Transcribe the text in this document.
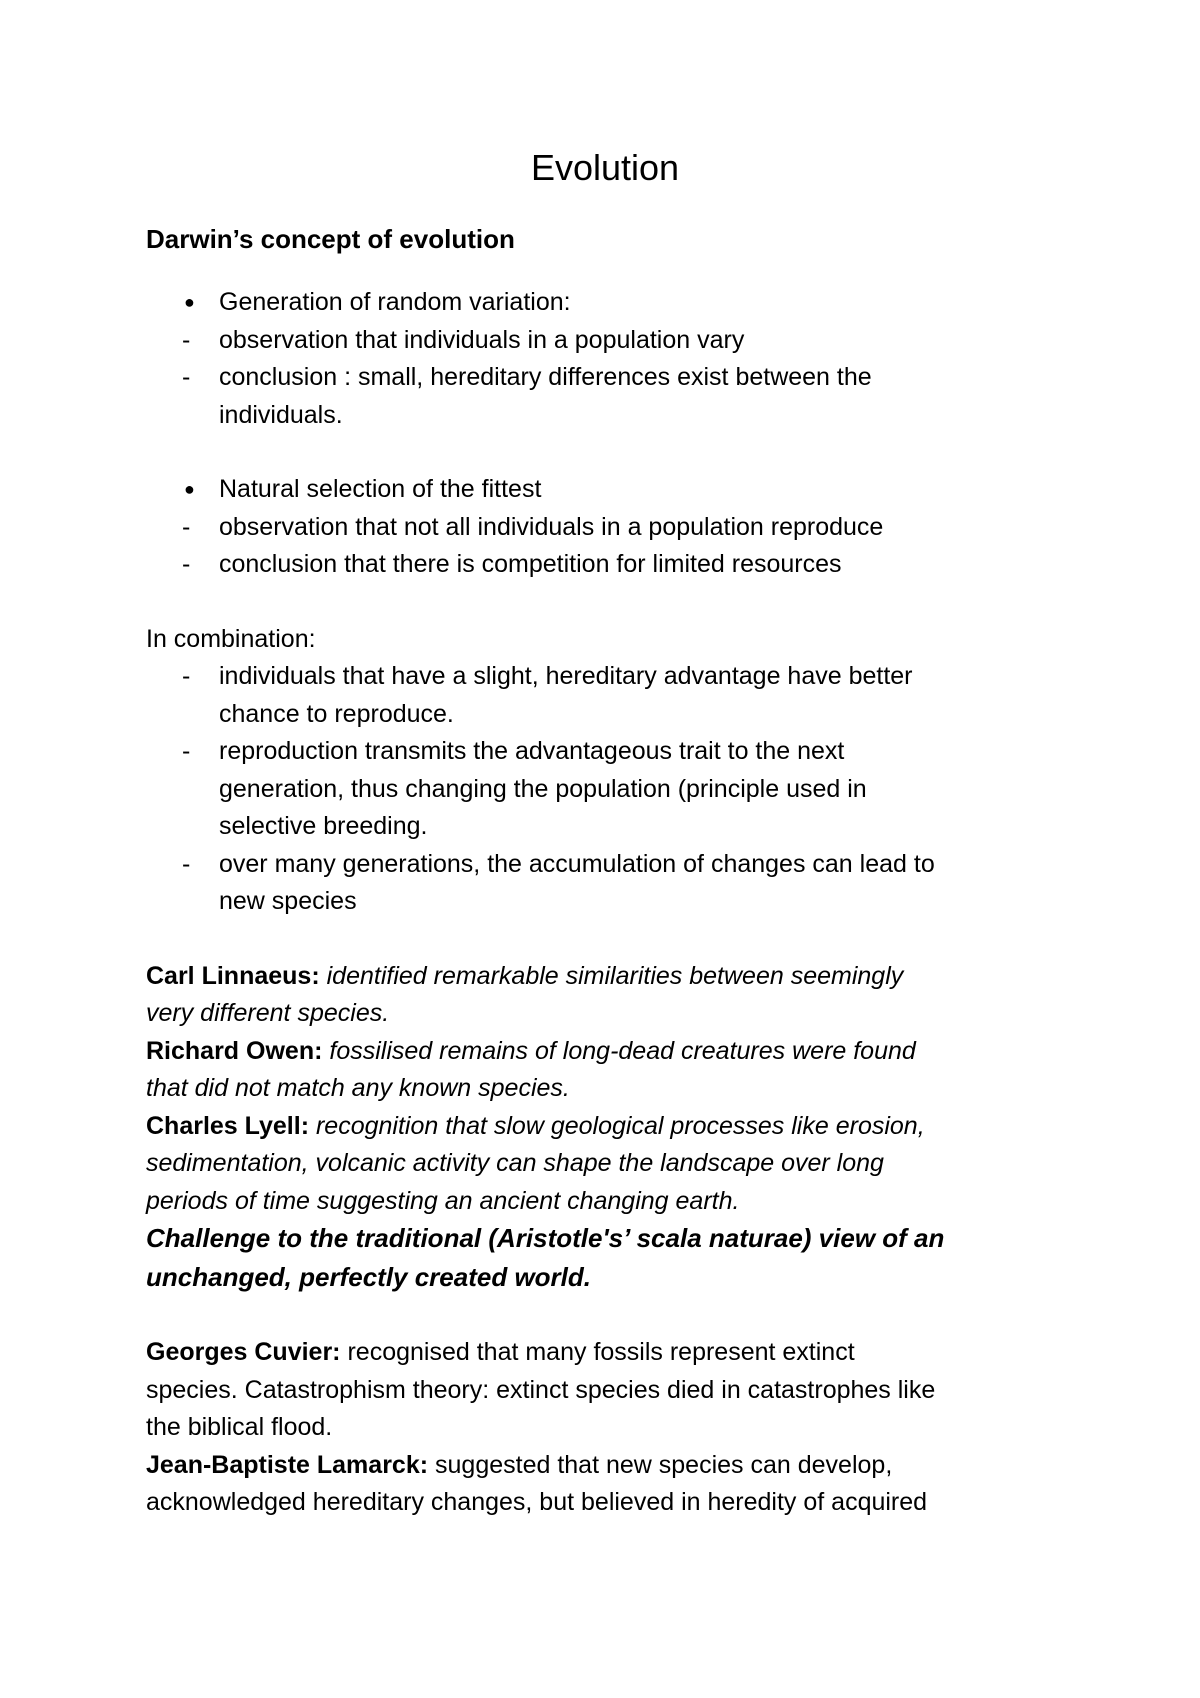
Evolution
Darwin’s concept of evolution
● Generation of random variation:
-	observation that individuals in a population vary
-	conclusion : small, hereditary differences exist between the
individuals.
● Natural selection of the fittest
-	observation that not all individuals in a population reproduce
-	conclusion that there is competition for limited resources

In combination:

-	individuals that have a slight, hereditary advantage have better
chance to reproduce.
-	reproduction transmits the advantageous trait to the next
generation, thus changing the population (principle used in
selective breeding.
-	over many generations, the accumulation of changes can lead to
new species

Carl Linnaeus: identified remarkable similarities between seemingly

very different species.

Richard Owen: fossilised remains of long-dead creatures were found

that did not match any known species.

Charles Lyell: recognition that slow geological processes like erosion,

sedimentation, volcanic activity can shape the landscape over long

periods of time suggesting an ancient changing earth.

Challenge to the traditional (Aristotle's’ scala naturae) view of an

unchanged, perfectly created world.

Georges Cuvier: recognised that many fossils represent extinct

species. Catastrophism theory: extinct species died in catastrophes like

the biblical flood.

Jean-Baptiste Lamarck: suggested that new species can develop,

acknowledged hereditary changes, but believed in heredity of acquired
